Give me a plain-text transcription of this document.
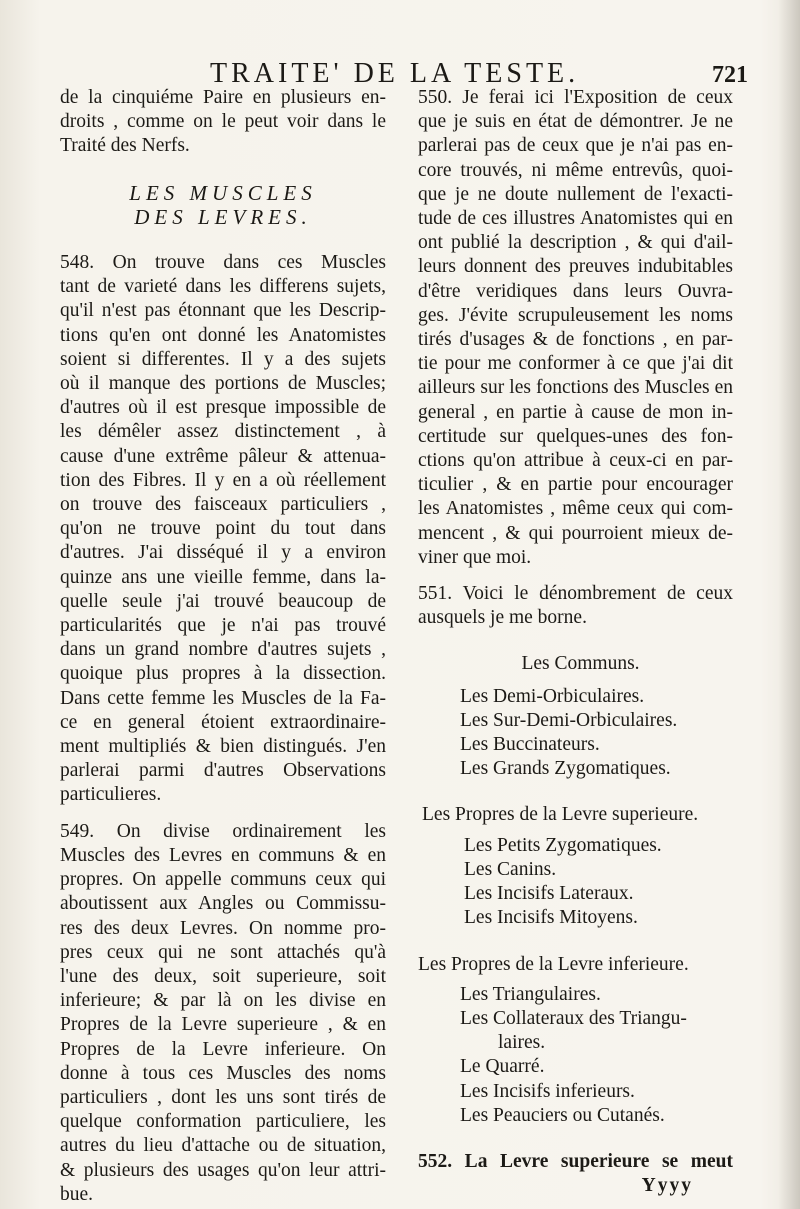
TRAITE' DE LA TESTE.	721
de la cinquiéme Paire en plusieurs en-
droits , comme on le peut voir dans le
Traité des Nerfs.
LES MUSCLES
DES LEVRES.
548. On trouve dans ces Muscles
tant de varieté dans les differens sujets,
qu'il n'est pas étonnant que les Descrip-
tions qu'en ont donné les Anatomistes
soient si differentes. Il y a des sujets
où il manque des portions de Muscles;
d'autres où il est presque impossible de
les démêler assez distinctement , à
cause d'une extrême pâleur & attenua-
tion des Fibres. Il y en a où réellement
on trouve des faisceaux particuliers ,
qu'on ne trouve point du tout dans
d'autres. J'ai disséqué il y a environ
quinze ans une vieille femme, dans la-
quelle seule j'ai trouvé beaucoup de
particularités que je n'ai pas trouvé
dans un grand nombre d'autres sujets ,
quoique plus propres à la dissection.
Dans cette femme les Muscles de la Fa-
ce en general étoient extraordinaire-
ment multipliés & bien distingués. J'en
parlerai parmi d'autres Observations
particulieres.
549. On divise ordinairement les
Muscles des Levres en communs & en
propres. On appelle communs ceux qui
aboutissent aux Angles ou Commissu-
res des deux Levres. On nomme pro-
pres ceux qui ne sont attachés qu'à
l'une des deux, soit superieure, soit
inferieure; & par là on les divise en
Propres de la Levre superieure , & en
Propres de la Levre inferieure. On
donne à tous ces Muscles des noms
particuliers , dont les uns sont tirés de
quelque conformation particuliere, les
autres du lieu d'attache ou de situation,
& plusieurs des usages qu'on leur attri-
bue.
550. Je ferai ici l'Exposition de ceux
que je suis en état de démontrer. Je ne
parlerai pas de ceux que je n'ai pas en-
core trouvés, ni même entrevûs, quoi-
que je ne doute nullement de l'exacti-
tude de ces illustres Anatomistes qui en
ont publié la description , & qui d'ail-
leurs donnent des preuves indubitables
d'être veridiques dans leurs Ouvra-
ges. J'évite scrupuleusement les noms
tirés d'usages & de fonctions , en par-
tie pour me conformer à ce que j'ai dit
ailleurs sur les fonctions des Muscles en
general , en partie à cause de mon in-
certitude sur quelques-unes des fon-
ctions qu'on attribue à ceux-ci en par-
ticulier , & en partie pour encourager
les Anatomistes , même ceux qui com-
mencent , & qui pourroient mieux de-
viner que moi.
551. Voici le dénombrement de ceux
ausquels je me borne.
Les Communs.
Les Demi-Orbiculaires.
Les Sur-Demi-Orbiculaires.
Les Buccinateurs.
Les Grands Zygomatiques.
Les Propres de la Levre superieure.
Les Petits Zygomatiques.
Les Canins.
Les Incisifs Lateraux.
Les Incisifs Mitoyens.
Les Propres de la Levre inferieure.
Les Triangulaires.
Les Collateraux des Triangu-
laires.
Le Quarré.
Les Incisifs inferieurs.
Les Peauciers ou Cutanés.
552. La Levre superieure se meut
Yyyy
